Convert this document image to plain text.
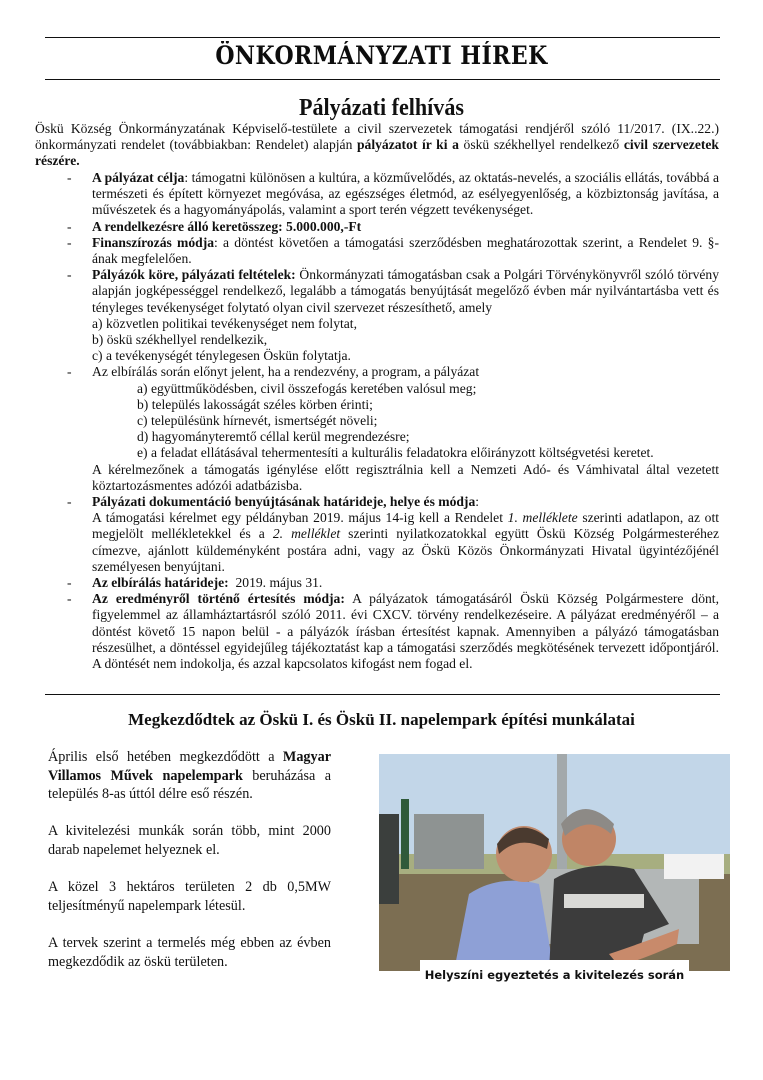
ÖNKORMÁNYZATI HÍREK
Pályázati felhívás
Öskü Község Önkormányzatának Képviselő-testülete a civil szervezetek támogatási rendjéről szóló 11/2017. (IX..22.) önkormányzati rendelet (továbbiakban: Rendelet) alapján pályázatot ír ki a öskü székhellyel rendelkező civil szervezetek részére.
- A pályázat célja: támogatni különösen a kultúra, a közművelődés, az oktatás-nevelés, a szociális ellátás, továbbá a természeti és épített környezet megóvása, az egészséges életmód, az esélyegyenlőség, a közbiztonság javítása, a művészetek és a hagyományápolás, valamint a sport terén végzett tevékenységet.
- A rendelkezésre álló keretösszeg: 5.000.000,-Ft
- Finanszírozás módja: a döntést követően a támogatási szerződésben meghatározottak szerint, a Rendelet 9. §-ának megfelelően.
- Pályázók köre, pályázati feltételek: Önkormányzati támogatásban csak a Polgári Törvénykönyvről szóló törvény alapján jogképességgel rendelkező, legalább a támogatás benyújtását megelőző évben már nyilvántartásba vett és tényleges tevékenységet folytató olyan civil szervezet részesíthető, amely
a) közvetlen politikai tevékenységet nem folytat,
b) öskü székhellyel rendelkezik,
c) a tevékenységét ténylegesen Öskün folytatja.
- Az elbírálás során előnyt jelent, ha a rendezvény, a program, a pályázat
a) együttműködésben, civil összefogás keretében valósul meg;
b) település lakosságát széles körben érinti;
c) településünk hírnevét, ismertségét növeli;
d) hagyományteremtő céllal kerül megrendezésre;
e) a feladat ellátásával tehermentesíti a kulturális feladatokra előirányzott költségvetési keretet.
A kérelmezőnek a támogatás igénylése előtt regisztrálnia kell a Nemzeti Adó- és Vámhivatal által vezetett köztartozásmentes adózói adatbázisba.
- Pályázati dokumentáció benyújtásának határideje, helye és módja:
A támogatási kérelmet egy példányban 2019. május 14-ig kell a Rendelet 1. melléklete szerinti adatlapon, az ott megjelölt mellékletekkel és a 2. melléklet szerinti nyilatkozatokkal együtt Öskü Község Polgármesteréhez címezve, ajánlott küldeményként postára adni, vagy az Öskü Közös Önkormányzati Hivatal ügyintézőjénél személyesen benyújtani.
- Az elbírálás határideje:  2019. május 31.
- Az eredményről történő értesítés módja: A pályázatok támogatásáról Öskü Község Polgármestere dönt, figyelemmel az államháztartásról szóló 2011. évi CXCV. törvény rendelkezéseire. A pályázat eredményéről – a döntést követő 15 napon belül - a pályázók írásban értesítést kapnak. Amennyiben a pályázó támogatásban részesülhet, a döntéssel egyidejűleg tájékoztatást kap a támogatási szerződés megkötésének tervezett időpontjáról. A döntését nem indokolja, és azzal kapcsolatos kifogást nem fogad el.
Megkezdődtek az Öskü I. és Öskü II. napelempark építési munkálatai

Április első hetében megkezdődött a Magyar Villamos Művek napelempark beruházása a település 8-as úttól délre eső részén.

A kivitelezési munkák során több, mint 2000 darab napelemet helyeznek el.

A közel 3 hektáros területen 2 db 0,5MW teljesítményű napelempark létesül.

A tervek szerint a termelés még ebben az évben megkezdődik az öskü területen.

Helyszíni egyeztetés a kivitelezés során
